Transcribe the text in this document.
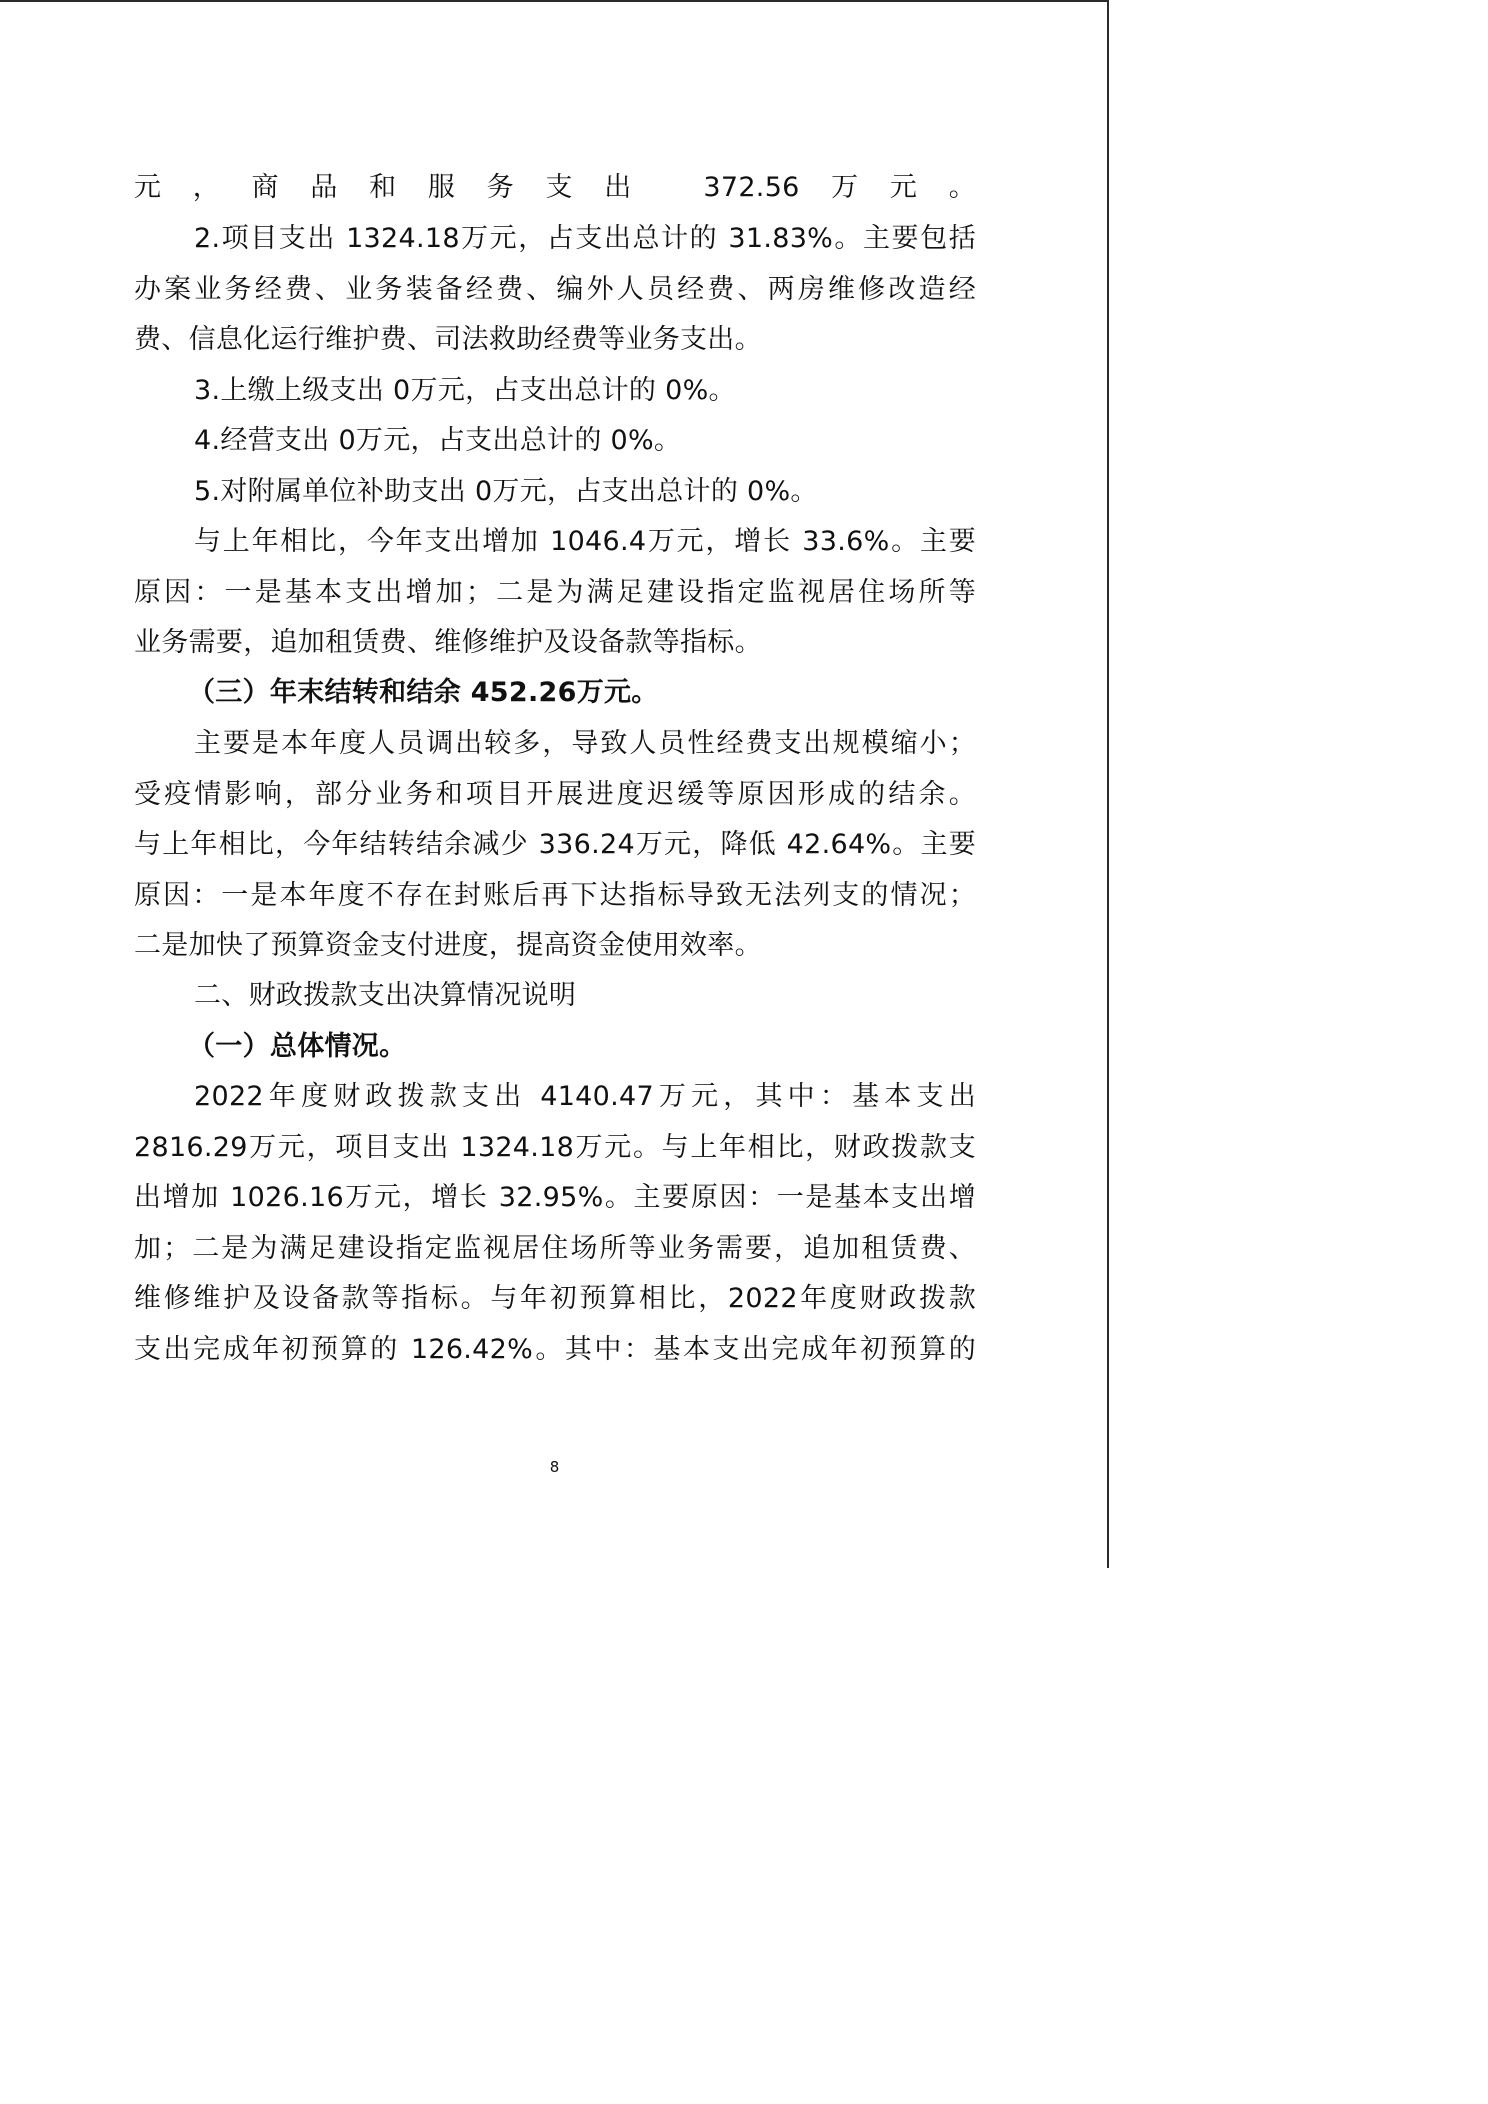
元，商品和服务支出 372.56万元。
2.项目支出 1324.18万元，占支出总计的 31.83%。主要包括
办案业务经费、业务装备经费、编外人员经费、两房维修改造经
费、信息化运行维护费、司法救助经费等业务支出。
3.上缴上级支出 0万元，占支出总计的 0%。
4.经营支出 0万元，占支出总计的 0%。
5.对附属单位补助支出 0万元，占支出总计的 0%。
与上年相比，今年支出增加 1046.4万元，增长 33.6%。主要
原因：一是基本支出增加；二是为满足建设指定监视居住场所等
业务需要，追加租赁费、维修维护及设备款等指标。
（三）年末结转和结余 452.26万元。
主要是本年度人员调出较多，导致人员性经费支出规模缩小；
受疫情影响，部分业务和项目开展进度迟缓等原因形成的结余。
与上年相比，今年结转结余减少 336.24万元，降低 42.64%。主要
原因：一是本年度不存在封账后再下达指标导致无法列支的情况；
二是加快了预算资金支付进度，提高资金使用效率。
二、财政拨款支出决算情况说明
（一）总体情况。
2022年度财政拨款支出 4140.47万元，其中：基本支出
2816.29万元，项目支出 1324.18万元。与上年相比，财政拨款支
出增加 1026.16万元，增长 32.95%。主要原因：一是基本支出增
加；二是为满足建设指定监视居住场所等业务需要，追加租赁费、
维修维护及设备款等指标。与年初预算相比，2022年度财政拨款
支出完成年初预算的 126.42%。其中：基本支出完成年初预算的
8
